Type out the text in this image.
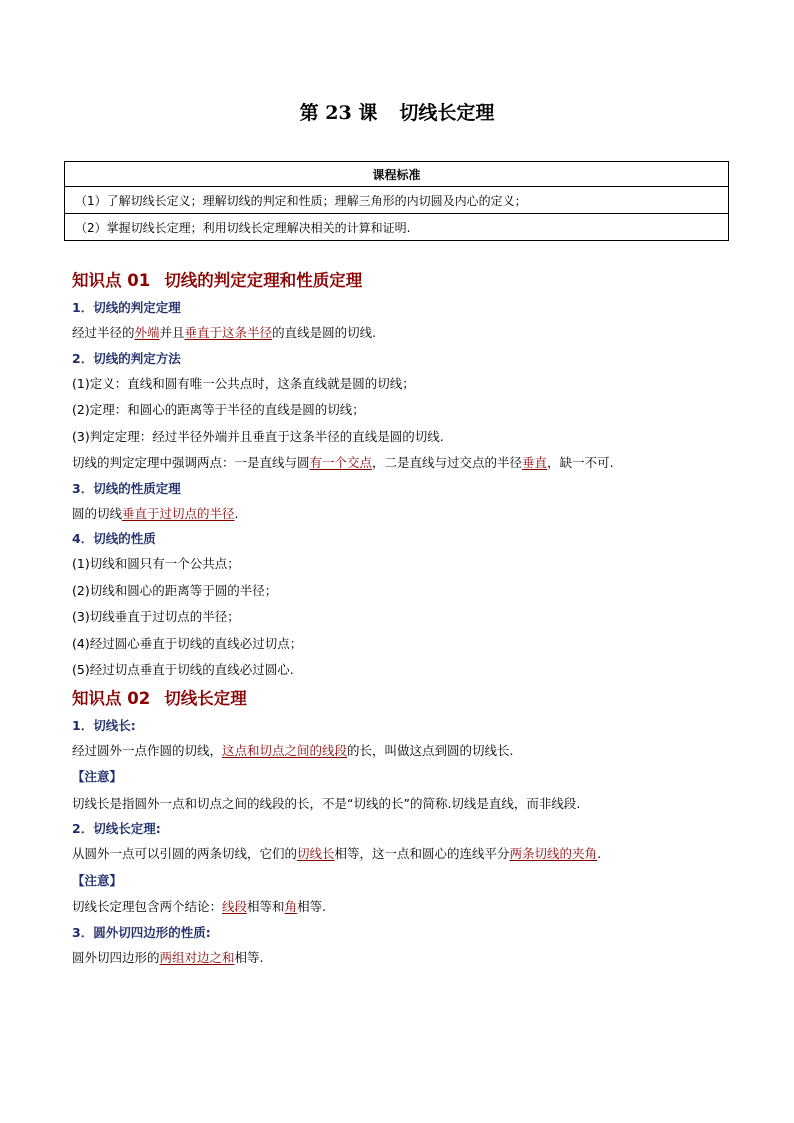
第 23 课 切线长定理
课程标准
（1）了解切线长定义；理解切线的判定和性质；理解三角形的内切圆及内心的定义；
（2）掌握切线长定理；利用切线长定理解决相关的计算和证明.
知识点 01 切线的判定定理和性质定理
1．切线的判定定理
经过半径的外端并且垂直于这条半径的直线是圆的切线.
2．切线的判定方法
(1)定义：直线和圆有唯一公共点时，这条直线就是圆的切线；
(2)定理：和圆心的距离等于半径的直线是圆的切线；
(3)判定定理：经过半径外端并且垂直于这条半径的直线是圆的切线.
切线的判定定理中强调两点：一是直线与圆有一个交点，二是直线与过交点的半径垂直，缺一不可.
3．切线的性质定理
圆的切线垂直于过切点的半径.
4．切线的性质
(1)切线和圆只有一个公共点；
(2)切线和圆心的距离等于圆的半径；
(3)切线垂直于过切点的半径；
(4)经过圆心垂直于切线的直线必过切点；
(5)经过切点垂直于切线的直线必过圆心.
知识点 02 切线长定理
1．切线长:
经过圆外一点作圆的切线，这点和切点之间的线段的长，叫做这点到圆的切线长.
【注意】
切线长是指圆外一点和切点之间的线段的长，不是“切线的长”的简称.切线是直线，而非线段.
2．切线长定理:
从圆外一点可以引圆的两条切线，它们的切线长相等，这一点和圆心的连线平分两条切线的夹角.
【注意】
切线长定理包含两个结论：线段相等和角相等.
3．圆外切四边形的性质:
圆外切四边形的两组对边之和相等.
